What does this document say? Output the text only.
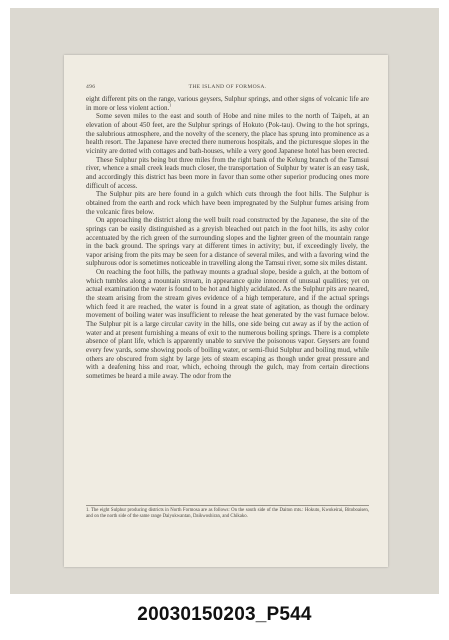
496	THE ISLAND OF FORMOSA.

eight different pits on the range, various geysers, Sulphur springs, and other signs of volcanic life are in more or less violent action.$^1$

Some seven miles to the east and south of Hobe and nine miles to the north of Taipeh, at an elevation of about 450 feet, are the Sulphur springs of Hokuto (Pok-tau). Owing to the hot springs, the salubrious atmosphere, and the novelty of the scenery, the place has sprung into prominence as a health resort. The Japanese have erected there numerous hospitals, and the picturesque slopes in the vicinity are dotted with cottages and bath-houses, while a very good Japanese hotel has been erected.

These Sulphur pits being but three miles from the right bank of the Kelung branch of the Tamsui river, whence a small creek leads much closer, the transportation of Sulphur by water is an easy task, and accordingly this district has been more in favor than some other superior producing ones more difficult of access.

The Sulphur pits are here found in a gulch which cuts through the foot hills. The Sulphur is obtained from the earth and rock which have been impregnated by the Sulphur fumes arising from the volcanic fires below.

On approaching the district along the well built road constructed by the Japanese, the site of the springs can be easily distinguished as a greyish bleached out patch in the foot hills, its ashy color accentuated by the rich green of the surrounding slopes and the lighter green of the mountain range in the back ground. The springs vary at different times in activity; but, if exceedingly lively, the vapor arising from the pits may be seen for a distance of several miles, and with a favoring wind the sulphurous odor is sometimes noticeable in travelling along the Tamsui river, some six miles distant.

On reaching the foot hills, the pathway mounts a gradual slope, beside a gulch, at the bottom of which tumbles along a mountain stream, in appearance quite innocent of unusual qualities; yet on actual examination the water is found to be hot and highly acidulated. As the Sulphur pits are neared, the steam arising from the stream gives evidence of a high temperature, and if the actual springs which feed it are reached, the water is found in a great state of agitation, as though the ordinary movement of boiling water was insufficient to release the heat generated by the vast furnace below. The Sulphur pit is a large circular cavity in the hills, one side being cut away as if by the action of water and at present furnishing a means of exit to the numerous boiling springs. There is a complete absence of plant life, which is apparently unable to survive the poisonous vapor. Geysers are found every few yards, some showing pools of boiling water, or semi-fluid Sulphur and boiling mud, while others are obscured from sight by large jets of steam escaping as though under great pressure and with a deafening hiss and roar, which, echoing through the gulch, may from certain directions sometimes be heard a mile away. The odor from the

1. The eight Sulphur producing districts in North Formosa are as follows: On the south side of the Daiton mts.: Hokuto, Kwokeirai, Bitoboaisen, and on the north side of the same range Daiyukwantan, Daikwoshiran, and Chikako.
20030150203_P544
